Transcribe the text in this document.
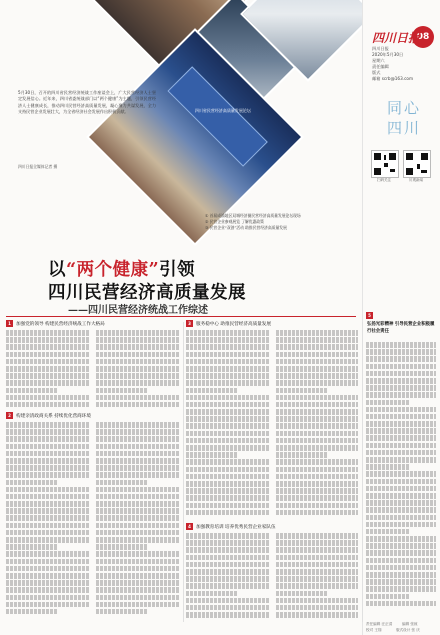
四川省民营经济高质量发展论坛
5月30日，召开的四川省民营经济统战工作座谈会上，广大民营经济人士坚定发展信心。近年来，四川省委统战部门以“两个健康”为主题，引领民营经济人士健康成长，推动四川民营经济高质量发展，凝心聚力共谋发展，全力支持民营企业发展壮大，为全省经济社会发展作出积极贡献。
四川日报全媒体记者 摄
① 首届成渝地区双城经济圈民营经济高质量发展论坛现场
② 民营企业参观展览 了解优惠政策
③ 民营企业“双创”活动 助推民营经济高质量发展
08
四川日报
四川日报
2020年5月30日
星期六
责任编辑
版式
邮箱 scrb@163.com
同心
四川
扫码关注	川观新闻
以“两个健康”引领
四川民营经济高质量发展
——四川民营经济统战工作综述
1 加强党的领导 构建民营经济统战工作大格局
2 构建亲清政商关系 持续优化营商环境
3 服务稳中心 助推民营经济高质量发展
4 加强教育培训 培养优秀民营企业家队伍
5
弘扬光彩精神 引导民营企业积极履行社会责任
责任编辑 汪正清	编辑 张琼
校对 王翔	版式设计 张 庆
